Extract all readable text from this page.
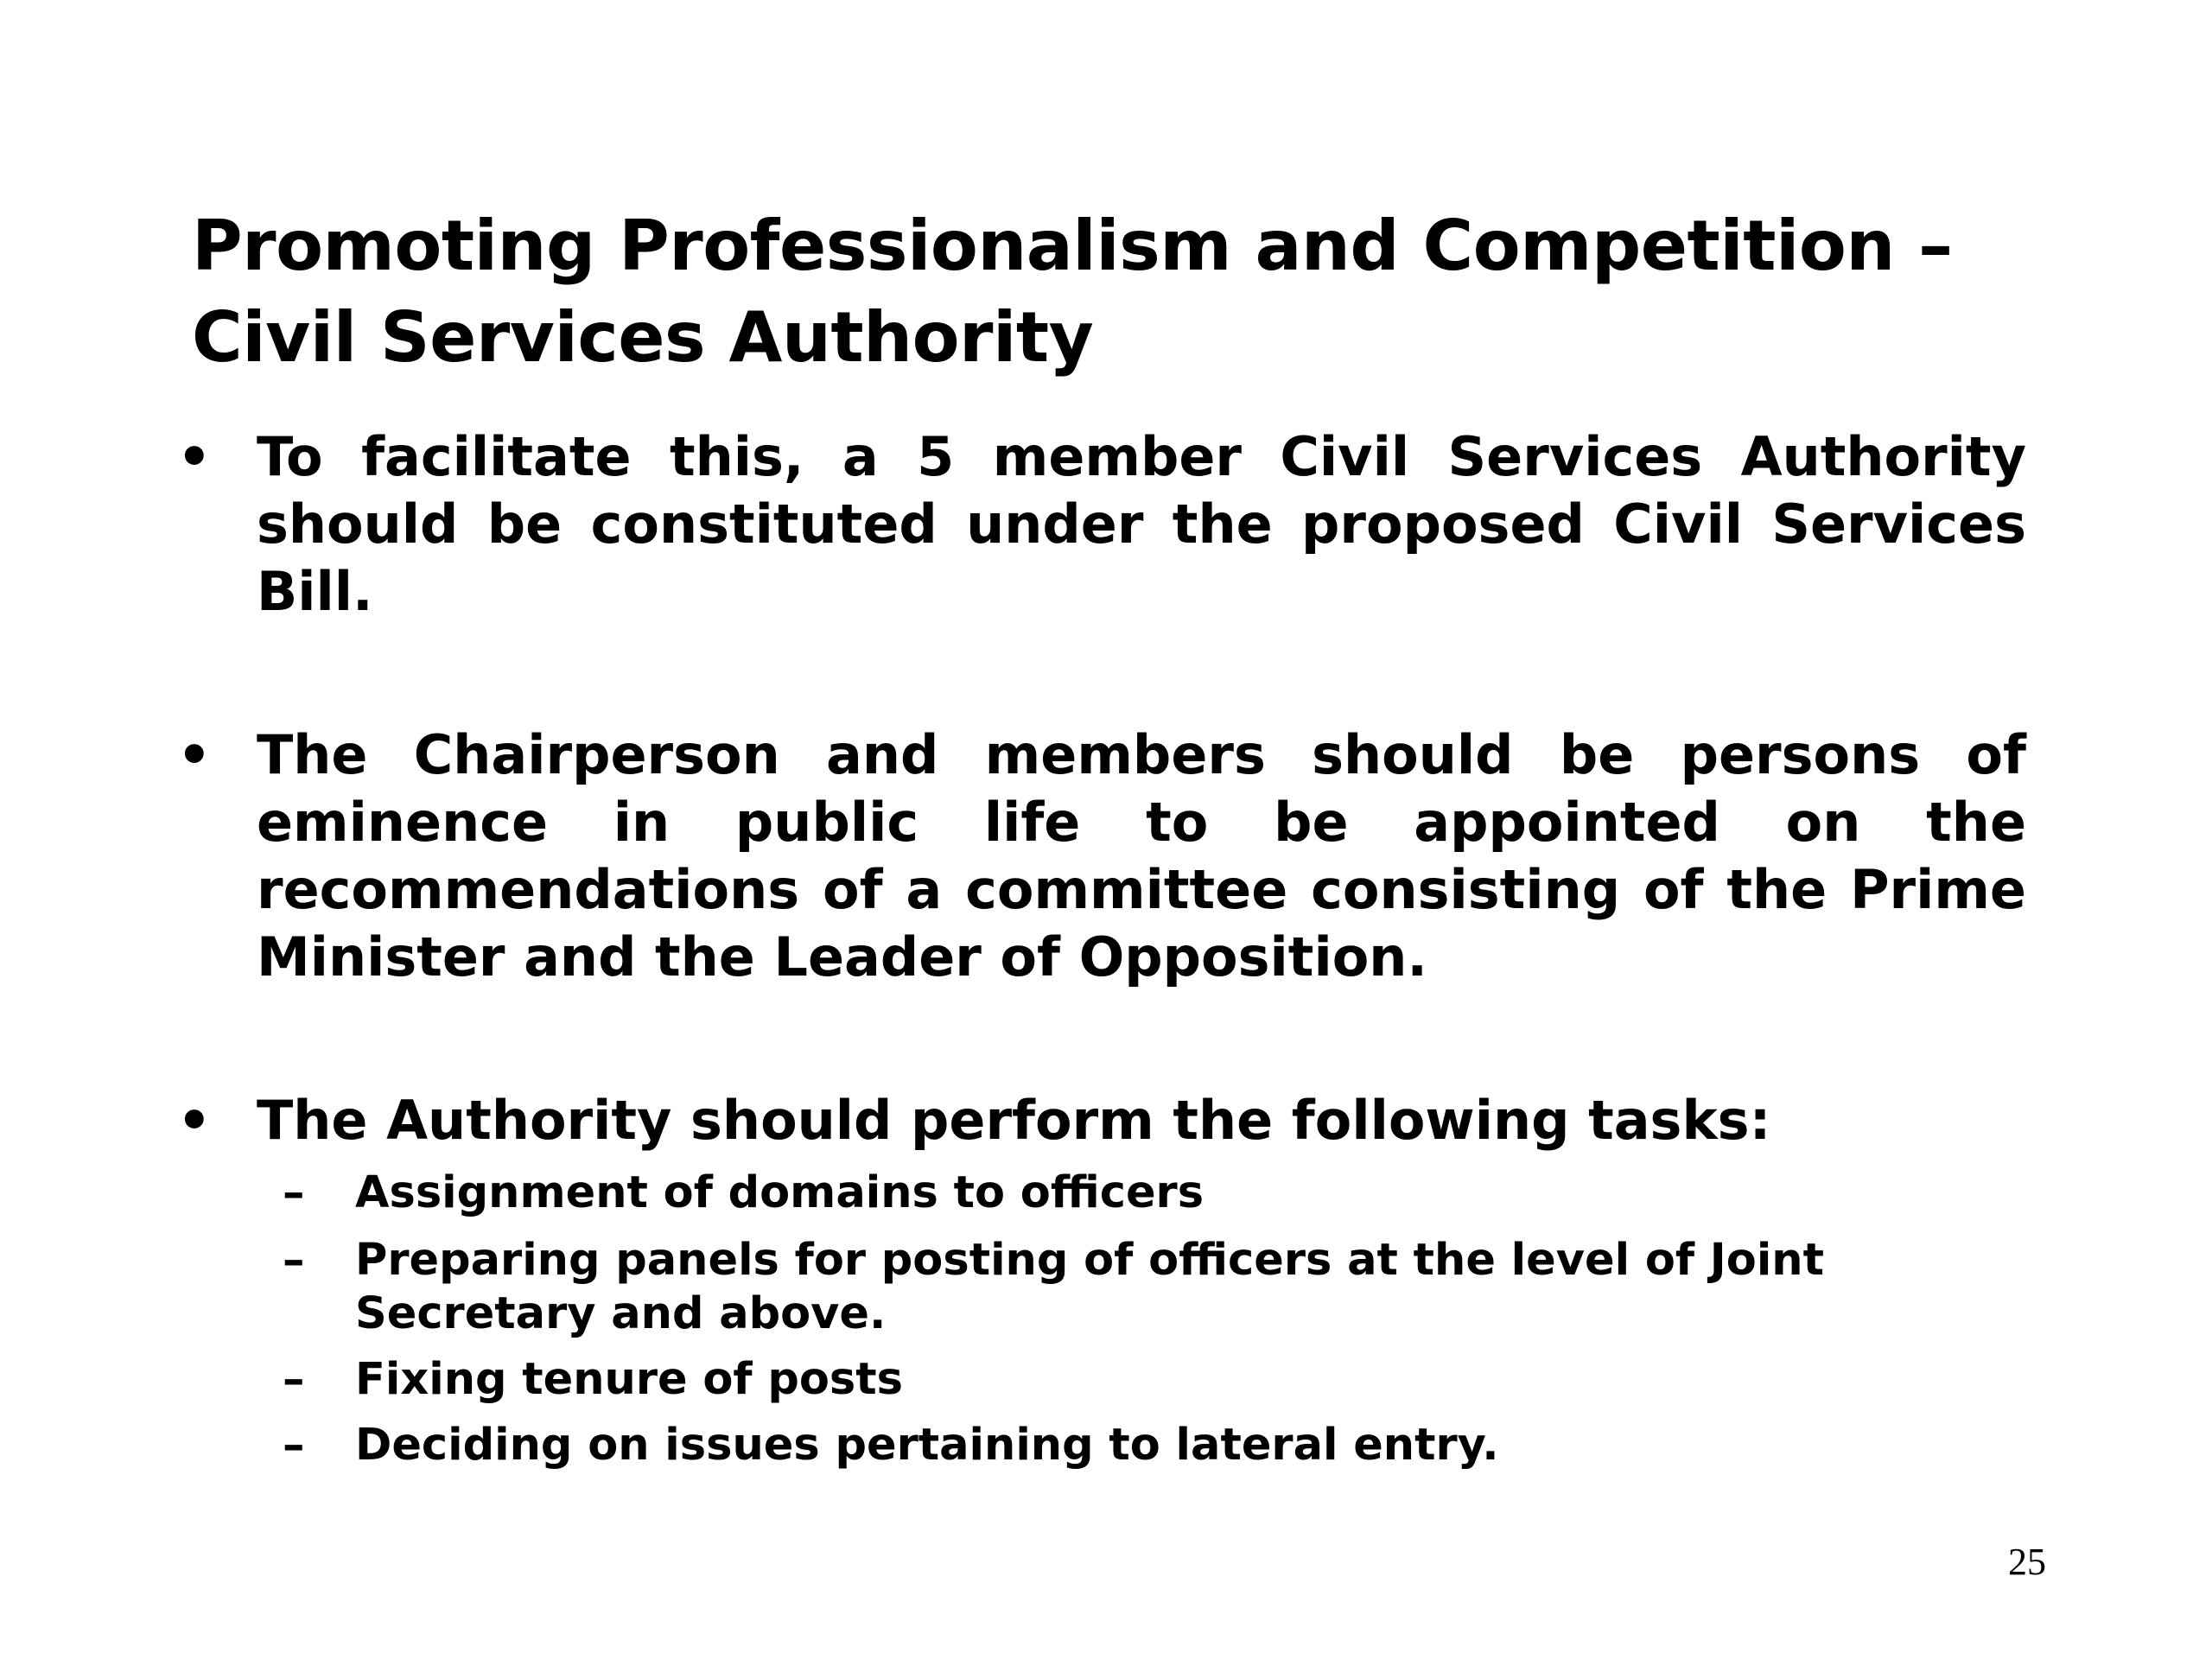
Promoting Professionalism and Competition –
Civil Services Authority
• To facilitate this, a 5 member Civil Services Authority should be constituted under the proposed Civil Services Bill.
• The Chairperson and members should be persons of eminence in public life to be appointed on the recommendations of a committee consisting of the Prime Minister and the Leader of Opposition.
• The Authority should perform the following tasks:
– Assignment of domains to officers
– Preparing panels for posting of officers at the level of Joint Secretary and above.
– Fixing tenure of posts
– Deciding on issues pertaining to lateral entry.
25
